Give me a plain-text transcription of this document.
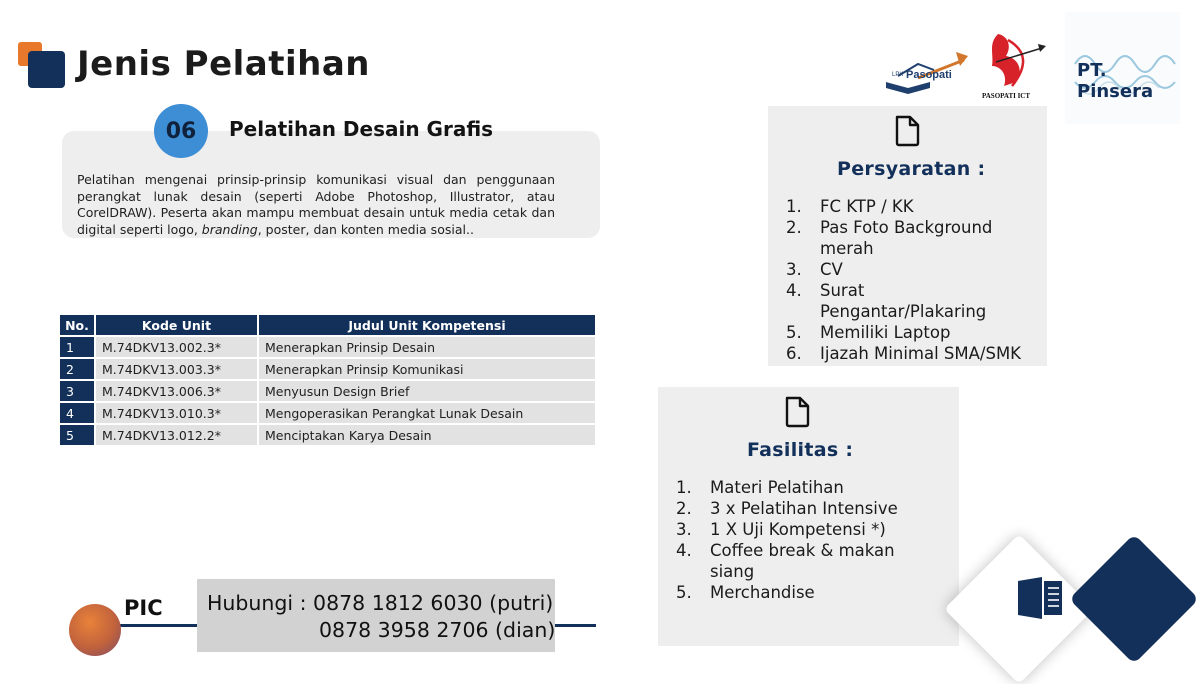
Jenis Pelatihan	LPK Pasopati
PASOPATI ICT
PT. Pinsera
06	Pelatihan Desain Grafis
Pelatihan mengenai prinsip-prinsip komunikasi visual dan penggunaan perangkat lunak desain (seperti Adobe Photoshop, Illustrator, atau CorelDRAW). Peserta akan mampu membuat desain untuk media cetak dan digital seperti logo, branding, poster, dan konten media sosial..
No.	Kode Unit	Judul Unit Kompetensi
1	M.74DKV13.002.3*	Menerapkan Prinsip Desain
2	M.74DKV13.003.3*	Menerapkan Prinsip Komunikasi
3	M.74DKV13.006.3*	Menyusun Design Brief
4	M.74DKV13.010.3*	Mengoperasikan Perangkat Lunak Desain
5	M.74DKV13.012.2*	Menciptakan Karya Desain
PIC Hubungi : 0878 1812 6030 (putri)
0878 3958 2706 (dian)
Persyaratan :
1.	FC KTP / KK
2.	Pas Foto Background
merah
3.	CV
4.	Surat
Pengantar/Plakaring
5.	Memiliki Laptop
6.	Ijazah Minimal SMA/SMK
Fasilitas :
1.	Materi Pelatihan
2.	3 x Pelatihan Intensive
3.	1 X Uji Kompetensi *)
4.	Coffee break & makan
siang
5.	Merchandise
